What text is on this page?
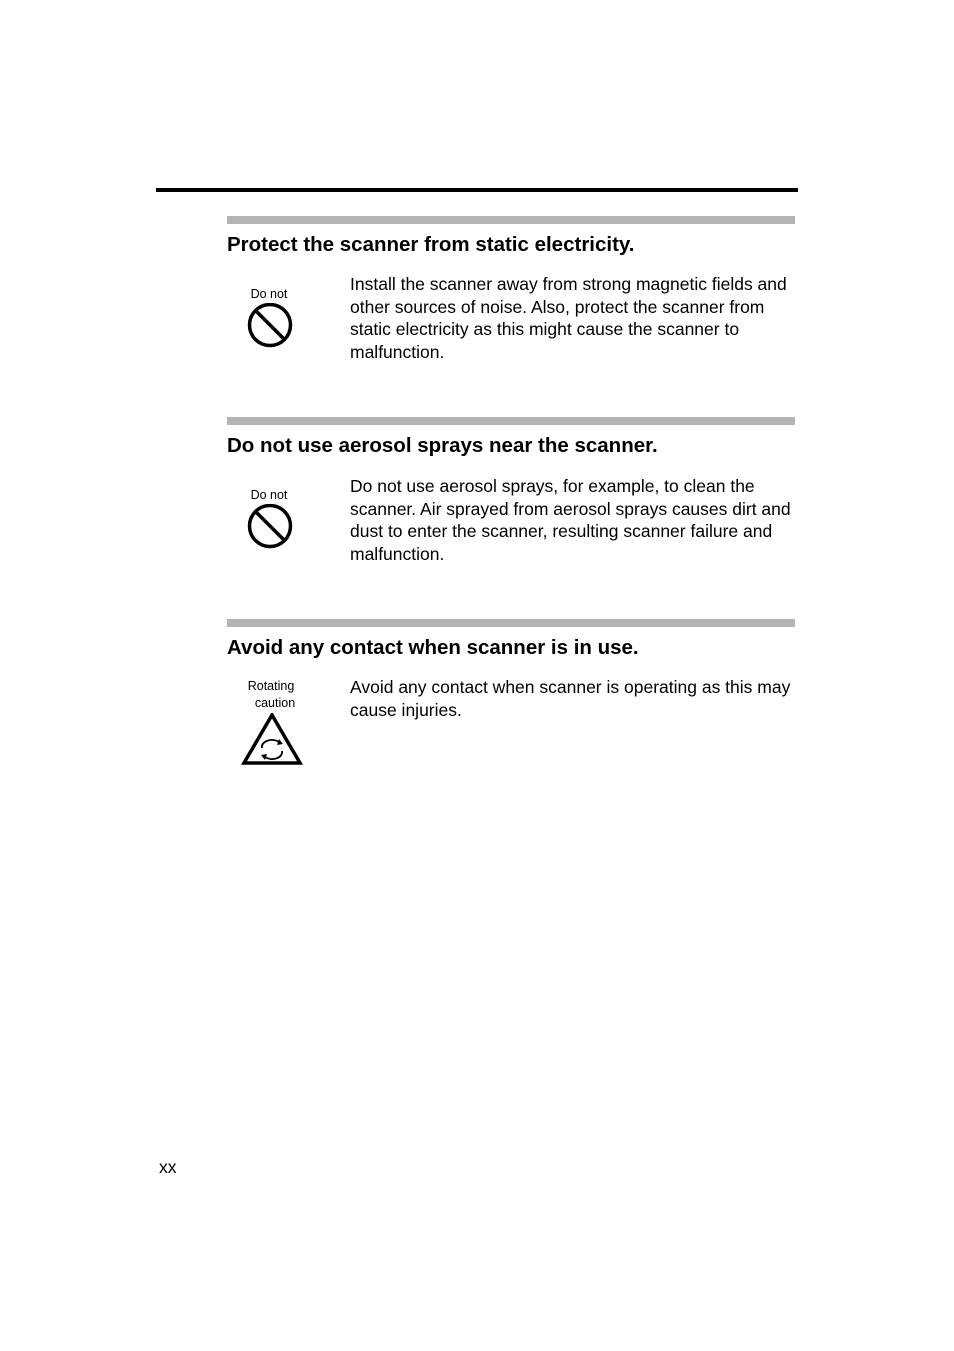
Protect the scanner from static electricity.
Do not	Install the scanner away from strong magnetic fields and other sources of noise. Also, protect the scanner from static electricity as this might cause the scanner to malfunction.

Do not use aerosol sprays near the scanner.
Do not	Do not use aerosol sprays, for example, to clean the scanner. Air sprayed from aerosol sprays causes dirt and dust to enter the scanner, resulting scanner failure and malfunction.

Avoid any contact when scanner is in use.
Rotating
caution

Avoid any contact when scanner is operating as this may cause injuries.

xx
